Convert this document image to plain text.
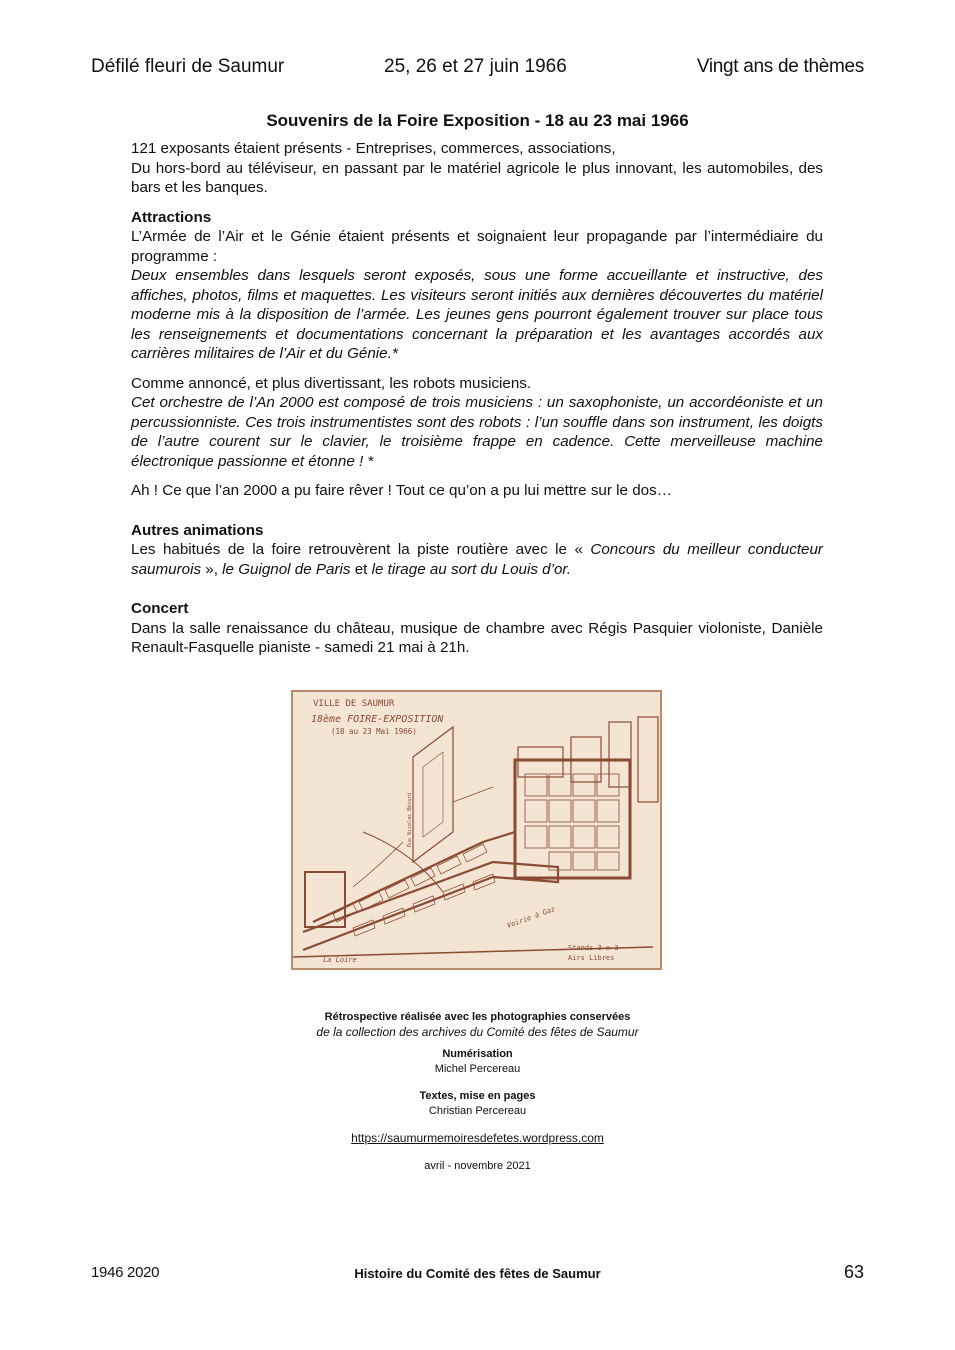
Défilé fleuri de Saumur	25, 26 et 27 juin 1966	Vingt ans de thèmes
Souvenirs de la Foire Exposition - 18 au 23 mai 1966

121 exposants étaient présents - Entreprises, commerces, associations,

Du hors-bord au téléviseur, en passant par le matériel agricole le plus innovant, les automobiles, des bars et les banques.

Attractions

L’Armée de l’Air et le Génie étaient présents et soignaient leur propagande par l’intermédiaire du programme :

Deux ensembles dans lesquels seront exposés, sous une forme accueillante et instructive, des affiches, photos, films et maquettes. Les visiteurs seront initiés aux dernières découvertes du matériel moderne mis à la disposition de l’armée. Les jeunes gens pourront également trouver sur place tous les renseignements et documentations concernant la préparation et les avantages accordés aux carrières militaires de l’Air et du Génie.*

Comme annoncé, et plus divertissant, les robots musiciens.

Cet orchestre de l’An 2000 est composé de trois musiciens : un saxophoniste, un accordéoniste et un percussionniste. Ces trois instrumentistes sont des robots : l’un souffle dans son instrument, les doigts de l’autre courent sur le clavier, le troisième frappe en cadence. Cette merveilleuse machine électronique passionne et étonne ! *

Ah ! Ce que l’an 2000 a pu faire rêver ! Tout ce qu’on a pu lui mettre sur le dos…

Autres animations

Les habitués de la foire retrouvèrent la piste routière avec le « Concours du meilleur conducteur saumurois », le Guignol de Paris et le tirage au sort du Louis d’or.

Concert

Dans la salle renaissance du château, musique de chambre avec Régis Pasquier violoniste, Danièle Renault-Fasquelle pianiste - samedi 21 mai à 21h.

VILLE DE SAUMUR
18ème FOIRE-EXPOSITION
(18 au 23 Mai 1966)
La Loire
Stands 3 x 3
Airs Libres
Voirie à Gaz
Rue Nicolas Bécard
Rétrospective réalisée avec les photographies conservées
de la collection des archives du Comité des fêtes de Saumur
Numérisation
Michel Percereau
Textes, mise en pages
Christian Percereau
https://saumurmemoiresdefetes.wordpress.com
avril - novembre 2021
1946 2020	Histoire du Comité des fêtes de Saumur	63
